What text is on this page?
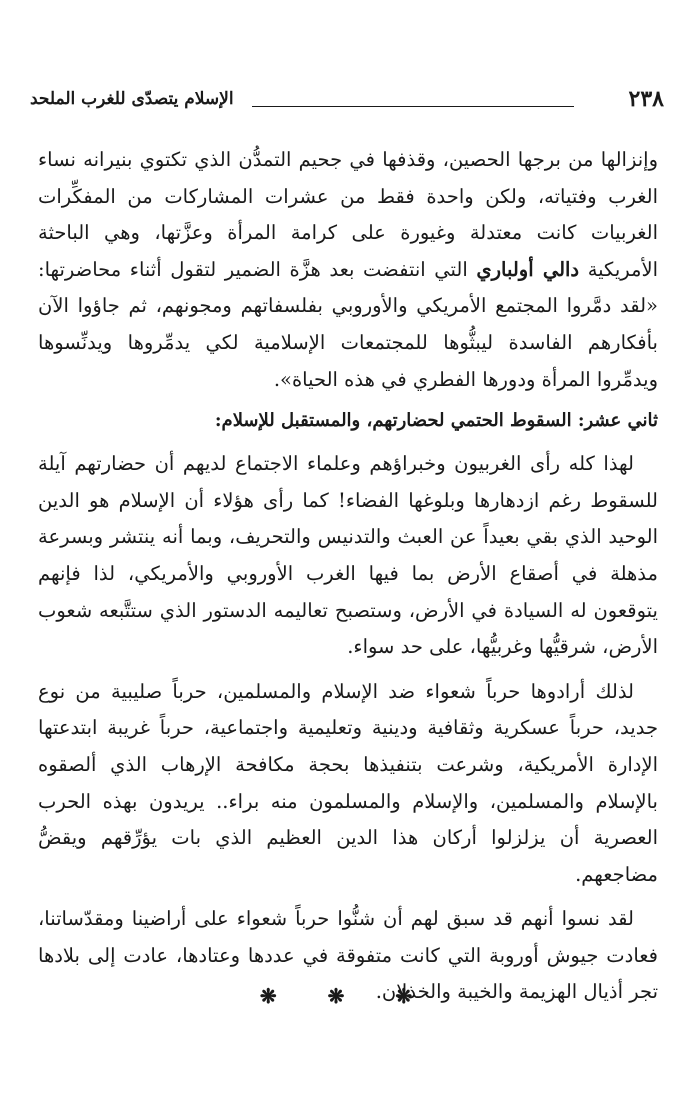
٢٣٨
الإسلام يتصدّى للغرب الملحد

وإنزالها من برجها الحصين، وقذفها في جحيم التمدُّن الذي تكتوي بنيرانه نساء الغرب وفتياته، ولكن واحدة فقط من عشرات المشاركات من المفكِّرات الغربيات كانت معتدلة وغيورة على كرامة المرأة وعزَّتها، وهي الباحثة الأمريكية دالي أولباري التي انتفضت بعد هزَّة الضمير لتقول أثناء محاضرتها: «لقد دمَّروا المجتمع الأمريكي والأوروبي بفلسفاتهم ومجونهم، ثم جاؤوا الآن بأفكارهم الفاسدة ليبثُّوها للمجتمعات الإسلامية لكي يدمِّروها ويدنِّسوها ويدمِّروا المرأة ودورها الفطري في هذه الحياة».

ثاني عشر: السقوط الحتمي لحضارتهم، والمستقبل للإسلام:

لهذا كله رأى الغربيون وخبراؤهم وعلماء الاجتماع لديهم أن حضارتهم آيلة للسقوط رغم ازدهارها وبلوغها الفضاء! كما رأى هؤلاء أن الإسلام هو الدين الوحيد الذي بقي بعيداً عن العبث والتدنيس والتحريف، وبما أنه ينتشر وبسرعة مذهلة في أصقاع الأرض بما فيها الغرب الأوروبي والأمريكي، لذا فإنهم يتوقعون له السيادة في الأرض، وستصبح تعاليمه الدستور الذي ستتَّبعه شعوب الأرض، شرقيُّها وغربيُّها، على حد سواء.

لذلك أرادوها حرباً شعواء ضد الإسلام والمسلمين، حرباً صليبية من نوع جديد، حرباً عسكرية وثقافية ودينية وتعليمية واجتماعية، حرباً غريبة ابتدعتها الإدارة الأمريكية، وشرعت بتنفيذها بحجة مكافحة الإرهاب الذي ألصقوه بالإسلام والمسلمين، والإسلام والمسلمون منه براء.. يريدون بهذه الحرب العصرية أن يزلزلوا أركان هذا الدين العظيم الذي بات يؤرِّقهم ويقضُّ مضاجعهم.

لقد نسوا أنهم قد سبق لهم أن شنُّوا حرباً شعواء على أراضينا ومقدّساتنا، فعادت جيوش أوروبة التي كانت متفوقة في عددها وعتادها، عادت إلى بلادها تجر أذيال الهزيمة والخيبة والخذلان.

❋ ❋ ❋
